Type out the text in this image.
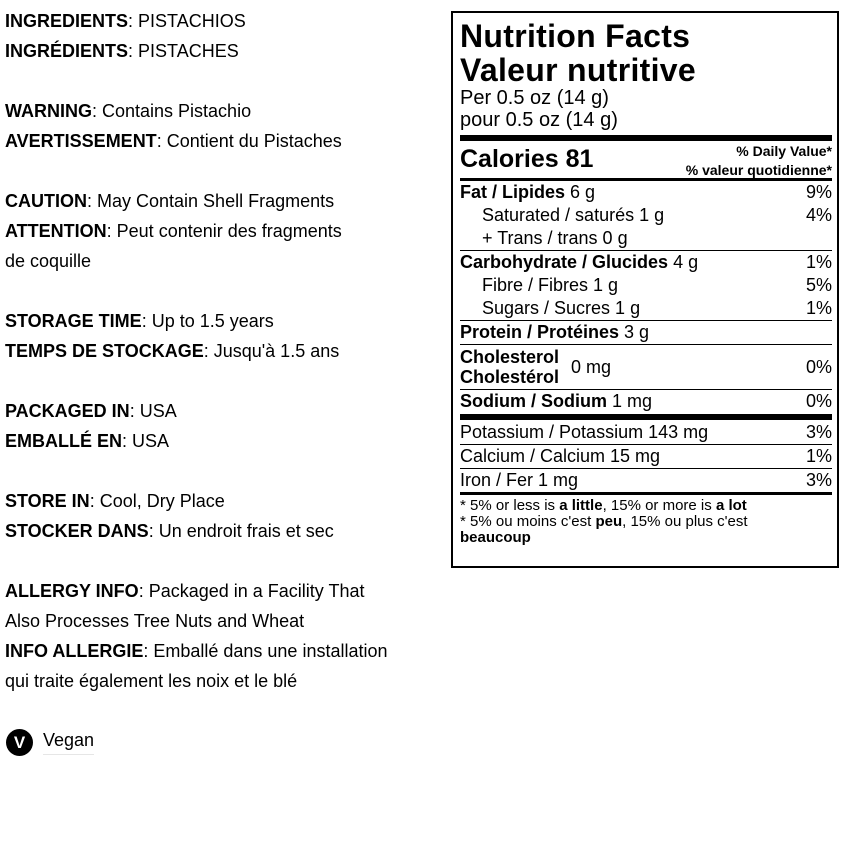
INGREDIENTS: PISTACHIOS
INGRÉDIENTS: PISTACHES
WARNING: Contains Pistachio
AVERTISSEMENT: Contient du Pistaches
CAUTION: May Contain Shell Fragments
ATTENTION: Peut contenir des fragments
de coquille
STORAGE TIME: Up to 1.5 years
TEMPS DE STOCKAGE: Jusqu'à 1.5 ans
PACKAGED IN: USA
EMBALLÉ EN: USA
STORE IN: Cool, Dry Place
STOCKER DANS: Un endroit frais et sec
ALLERGY INFO: Packaged in a Facility That
Also Processes Tree Nuts and Wheat
INFO ALLERGIE: Emballé dans une installation
qui traite également les noix et le blé
V Vegan
Nutrition Facts
Valeur nutritive
Per 0.5 oz (14 g)
pour 0.5 oz (14 g)
Calories 81	% Daily Value*
% valeur quotidienne*
Fat / Lipides 6 g	9%
Saturated / saturés 1 g	4%
+ Trans / trans 0 g
Carbohydrate / Glucides 4 g	1%
Fibre / Fibres 1 g	5%
Sugars / Sucres 1 g	1%
Protein / Protéines 3 g
Cholesterol
Cholestérol
0 mg	0%
Sodium / Sodium 1 mg	0%
Potassium / Potassium 143 mg	3%
Calcium / Calcium 15 mg	1%
Iron / Fer 1 mg	3%
* 5% or less is a little, 15% or more is a lot
* 5% ou moins c'est peu, 15% ou plus c'est
beaucoup
